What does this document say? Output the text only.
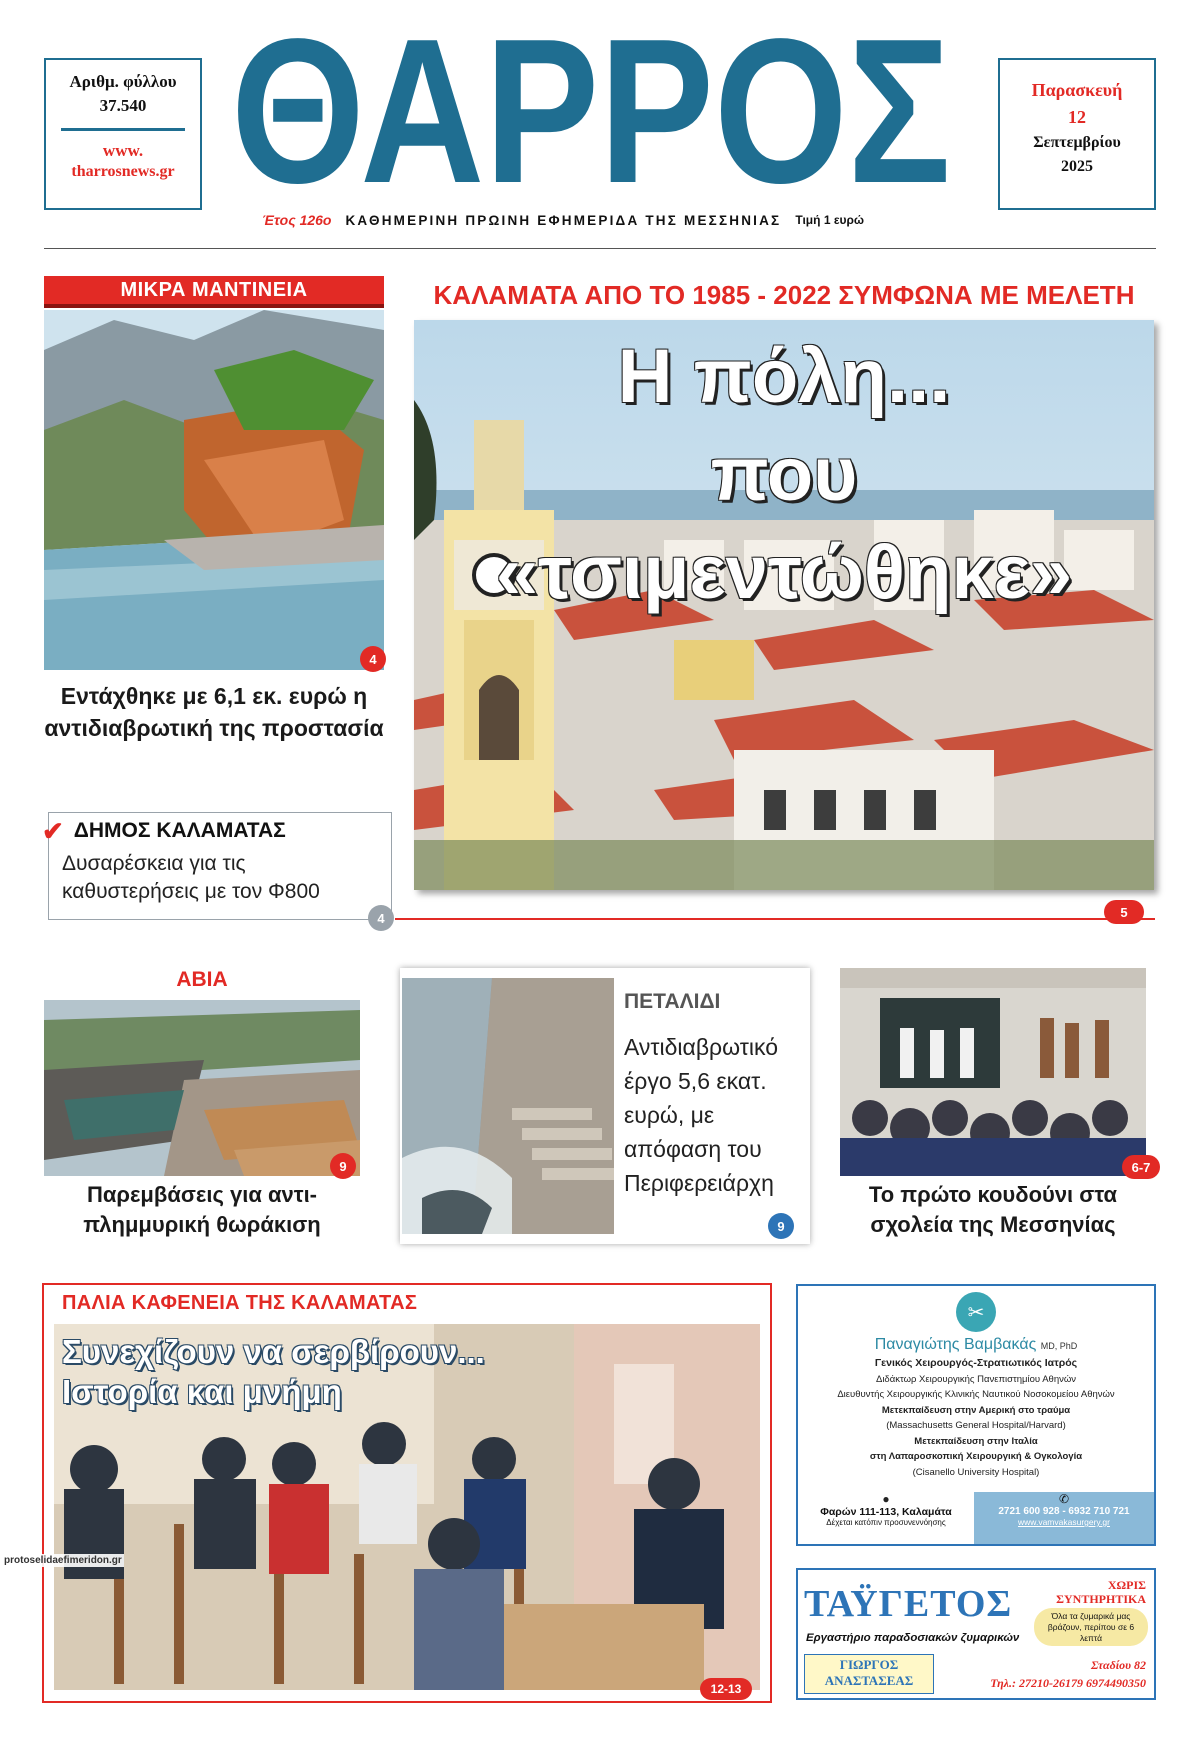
Αριθμ. φύλλου
37.540
www.
tharrosnews.gr ΘΑΡΡΟΣ
Έτος 126ο ΚΑΘΗΜΕΡΙΝΗ ΠΡΩΙΝΗ ΕΦΗΜΕΡΙΔΑ ΤΗΣ ΜΕΣΣΗΝΙΑΣ Τιμή 1 ευρώ
Παρασκευή
12
Σεπτεμβρίου
2025
ΜΙΚΡΑ ΜΑΝΤΙΝΕΙΑ
4
Εντάχθηκε με 6,1 εκ. ευρώ η αντιδιαβρωτική της προστασία
✔ ΔΗΜΟΣ ΚΑΛΑΜΑΤΑΣ
Δυσαρέσκεια για τις καθυστερήσεις με τον Φ800
4
ΚΑΛΑΜΑΤΑ ΑΠΟ ΤΟ 1985 - 2022 ΣΥΜΦΩΝΑ ΜΕ ΜΕΛΕΤΗ
Η πόλη...
που «τσιμεντώθηκε»
5
ΑΒΙΑ
9
Παρεμβάσεις για αντι-πλημμυρική θωράκιση
ΠΕΤΑΛΙΔΙ
Αντιδιαβρωτικό έργο 5,6 εκατ. ευρώ, με απόφαση του Περιφερειάρχη
9
6-7
Το πρώτο κουδούνι στα σχολεία της Μεσσηνίας
ΠΑΛΙΑ ΚΑΦΕΝΕΙΑ ΤΗΣ ΚΑΛΑΜΑΤΑΣ
Συνεχίζουν να σερβίρουν...
Ιστορία και μνήμη
protoselidaefimeridon.gr
12-13
✂
Παναγιώτης Βαμβακάς MD, PhD
Γενικός Χειρουργός-Στρατιωτικός Ιατρός
Διδάκτωρ Χειρουργικής Πανεπιστημίου Αθηνών
Διευθυντής Χειρουργικής Κλινικής Ναυτικού Νοσοκομείου Αθηνών
Μετεκπαίδευση στην Αμερική στο τραύμα
(Massachusetts General Hospital/Harvard)
Μετεκπαίδευση στην Ιταλία
στη Λαπαροσκοπική Χειρουργική & Ογκολογία
(Cisanello University Hospital)
●
Φαρών 111-113, Καλαμάτα
Δέχεται κατόπιν προσυνεννόησης
✆
2721 600 928 - 6932 710 721
www.vamvakasurgery.gr
ΤΑΫΓΕΤΟΣ
Εργαστήριο παραδοσιακών ζυμαρικών
ΧΩΡΙΣ
ΣΥΝΤΗΡΗΤΙΚΑ
Όλα τα ζυμαρικά μας βράζουν, περίπου σε 6 λεπτά
ΓΙΩΡΓΟΣ
ΑΝΑΣΤΑΣΕΑΣ
Σταδίου 82
Τηλ.: 27210-26179 6974490350
